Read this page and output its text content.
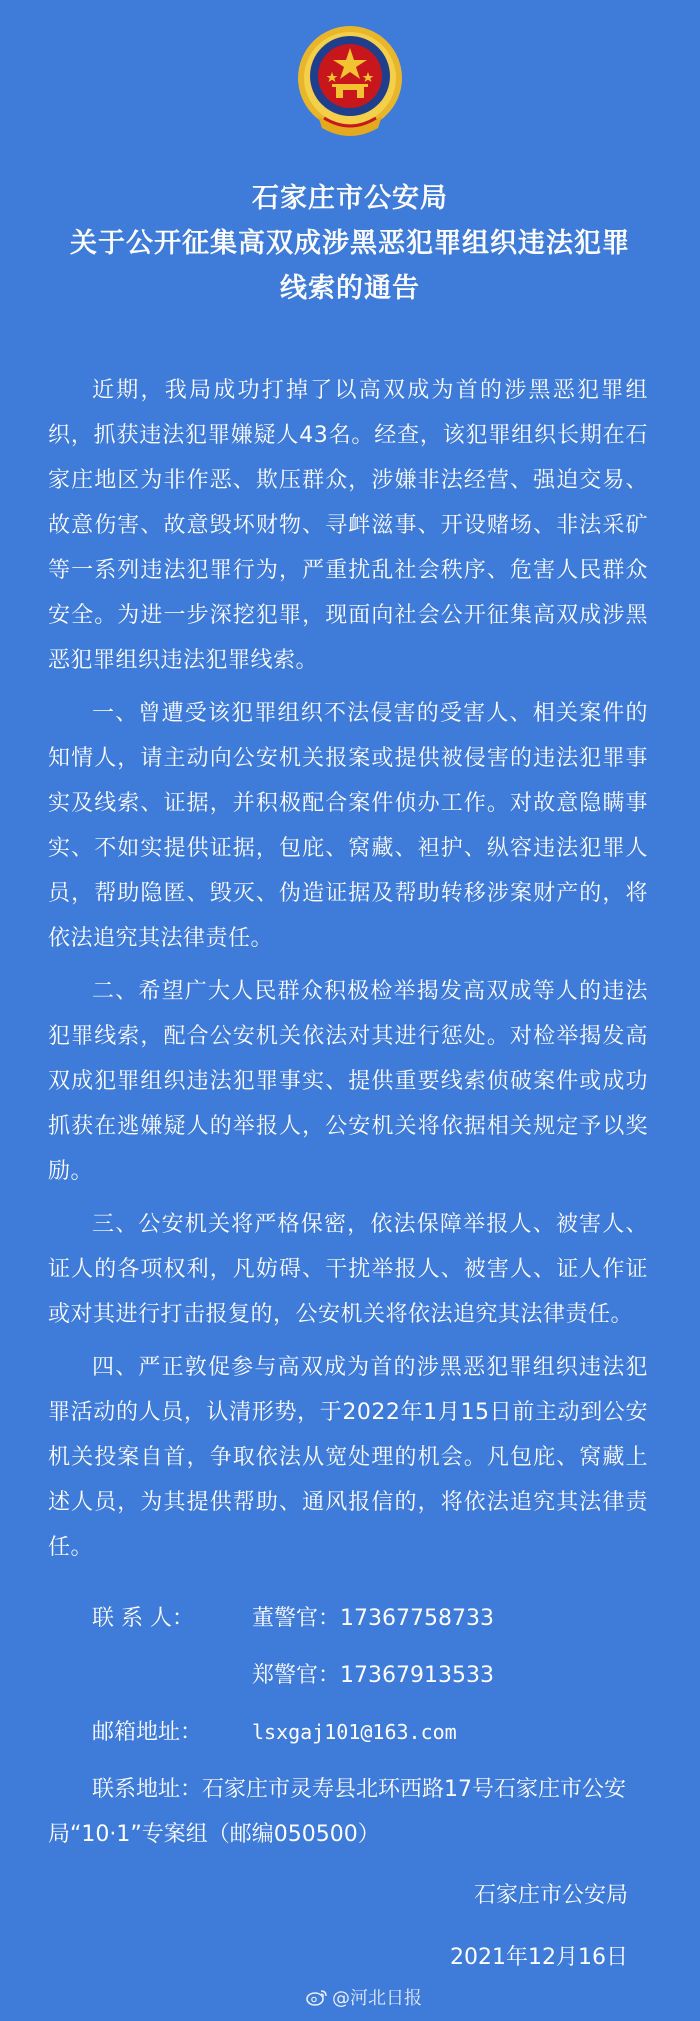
石家庄市公安局
关于公开征集高双成涉黑恶犯罪组织违法犯罪
线索的通告

近期，我局成功打掉了以高双成为首的涉黑恶犯罪组织，抓获违法犯罪嫌疑人43名。经查，该犯罪组织长期在石家庄地区为非作恶、欺压群众，涉嫌非法经营、强迫交易、故意伤害、故意毁坏财物、寻衅滋事、开设赌场、非法采矿等一系列违法犯罪行为，严重扰乱社会秩序、危害人民群众安全。为进一步深挖犯罪，现面向社会公开征集高双成涉黑恶犯罪组织违法犯罪线索。

一、曾遭受该犯罪组织不法侵害的受害人、相关案件的知情人，请主动向公安机关报案或提供被侵害的违法犯罪事实及线索、证据，并积极配合案件侦办工作。对故意隐瞒事实、不如实提供证据，包庇、窝藏、袒护、纵容违法犯罪人员，帮助隐匿、毁灭、伪造证据及帮助转移涉案财产的，将依法追究其法律责任。

二、希望广大人民群众积极检举揭发高双成等人的违法犯罪线索，配合公安机关依法对其进行惩处。对检举揭发高双成犯罪组织违法犯罪事实、提供重要线索侦破案件或成功抓获在逃嫌疑人的举报人，公安机关将依据相关规定予以奖励。

三、公安机关将严格保密，依法保障举报人、被害人、证人的各项权利，凡妨碍、干扰举报人、被害人、证人作证或对其进行打击报复的，公安机关将依法追究其法律责任。

四、严正敦促参与高双成为首的涉黑恶犯罪组织违法犯罪活动的人员，认清形势，于2022年1月15日前主动到公安机关投案自首，争取依法从宽处理的机会。凡包庇、窝藏上述人员，为其提供帮助、通风报信的，将依法追究其法律责任。

联 系 人：	董警官：17367758733
郑警官：17367913533
邮箱地址：	lsxgaj101@163.com
联系地址：石家庄市灵寿县北环西路17号石家庄市公安局“10·1”专案组（邮编050500）
石家庄市公安局
2021年12月16日
@河北日报
